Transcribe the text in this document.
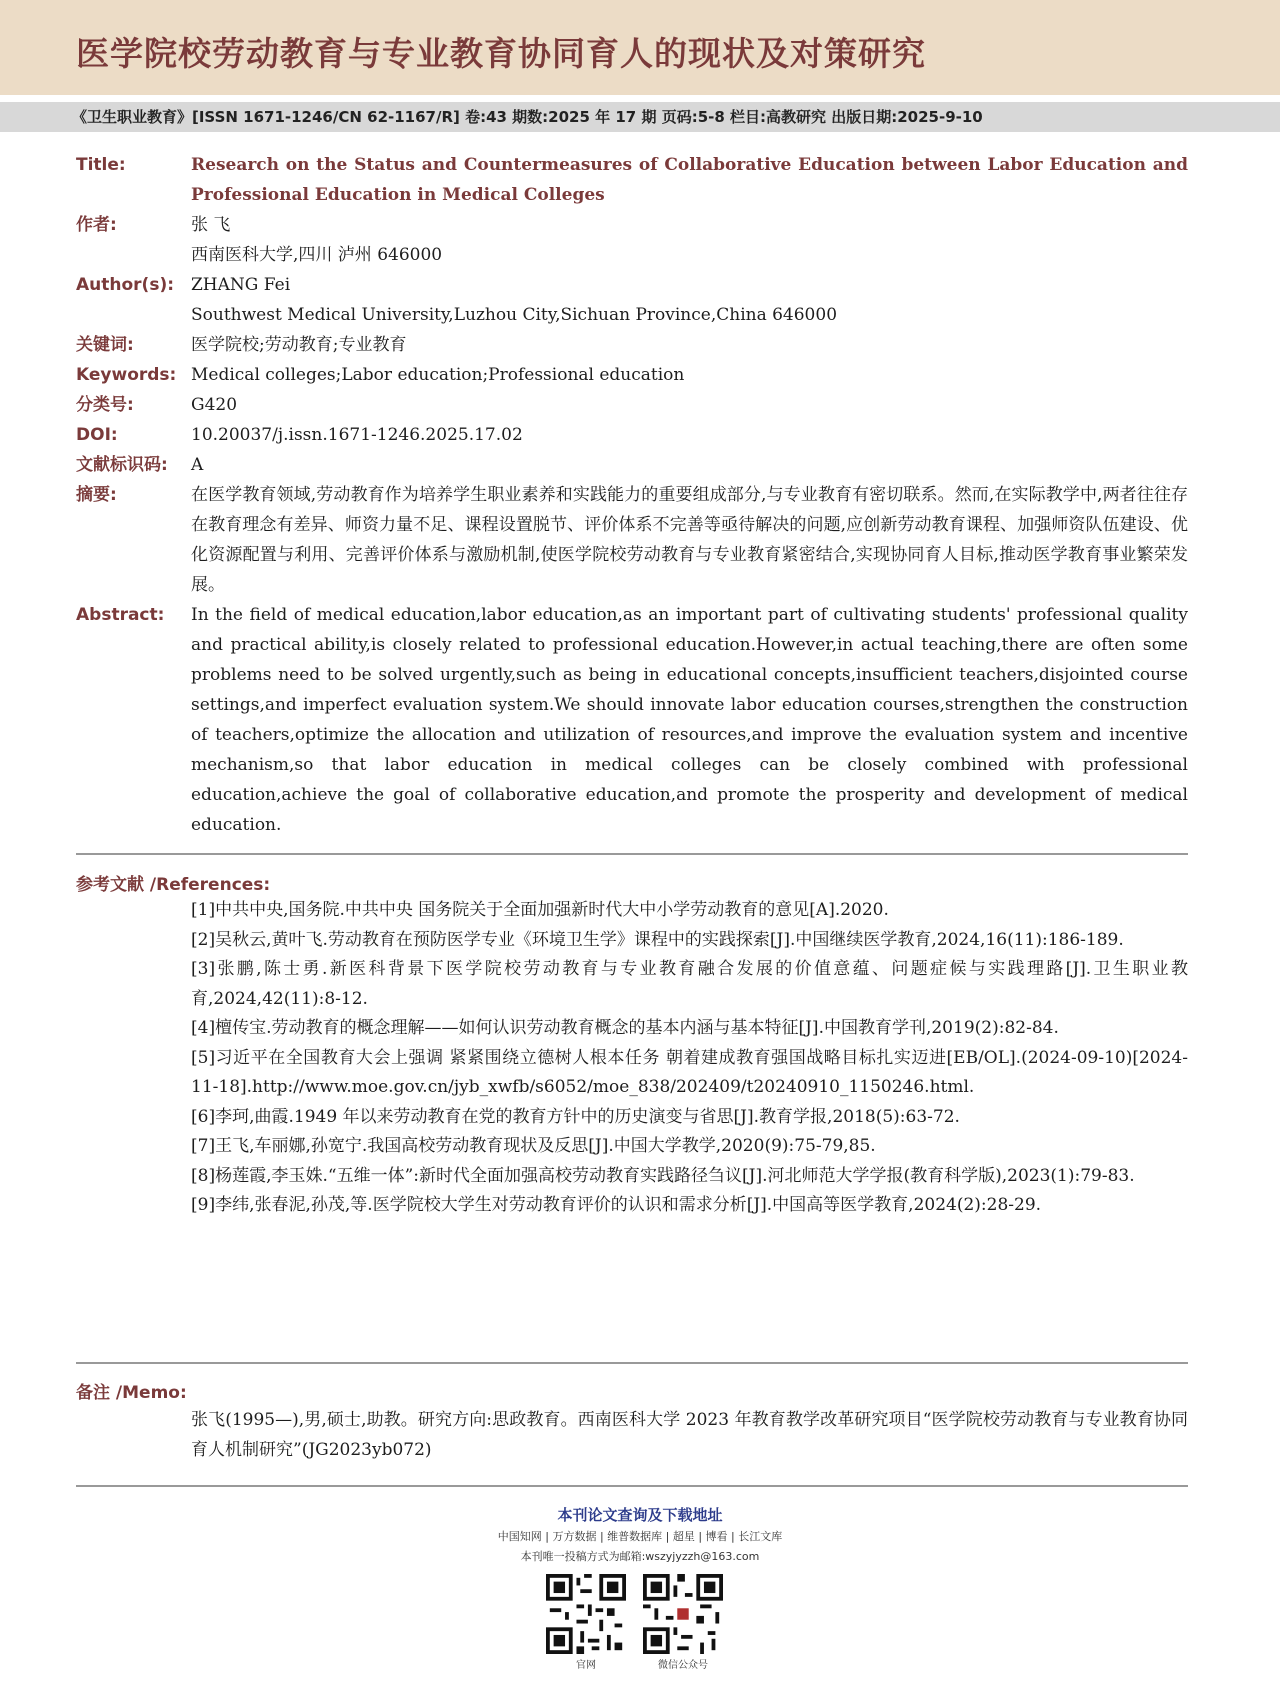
医学院校劳动教育与专业教育协同育人的现状及对策研究
《卫生职业教育》[ISSN 1671-1246/CN 62-1167/R] 卷:43 期数:2025 年 17 期 页码:5-8 栏目:高教研究 出版日期:2025-9-10
Title:	Research on the Status and Countermeasures of Collaborative Education between Labor Education and Professional Education in Medical Colleges
作者:	张 飞
西南医科大学,四川 泸州 646000
Author(s): ZHANG Fei
Southwest Medical University,Luzhou City,Sichuan Province,China 646000
关键词:	医学院校;劳动教育;专业教育
Keywords: Medical colleges;Labor education;Professional education
分类号:	G420
DOI:	10.20037/j.issn.1671-1246.2025.17.02
文献标识码: A
摘要:	在医学教育领域,劳动教育作为培养学生职业素养和实践能力的重要组成部分,与专业教育有密切联系。然而,在实际教学中,两者往往存在教育理念有差异、师资力量不足、课程设置脱节、评价体系不完善等亟待解决的问题,应创新劳动教育课程、加强师资队伍建设、优化资源配置与利用、完善评价体系与激励机制,使医学院校劳动教育与专业教育紧密结合,实现协同育人目标,推动医学教育事业繁荣发展。
Abstract: In the field of medical education,labor education,as an important part of cultivating students' professional quality and practical ability,is closely related to professional education.However,in actual teaching,there are often some problems need to be solved urgently,such as being in educational concepts,insufficient teachers,disjointed course settings,and imperfect evaluation system.We should innovate labor education courses,strengthen the construction of teachers,optimize the allocation and utilization of resources,and improve the evaluation system and incentive mechanism,so that labor education in medical colleges can be closely combined with professional education,achieve the goal of collaborative education,and promote the prosperity and development of medical education.
参考文献 /References:
[1]中共中央,国务院.中共中央 国务院关于全面加强新时代大中小学劳动教育的意见[A].2020.
[2]吴秋云,黄叶飞.劳动教育在预防医学专业《环境卫生学》课程中的实践探索[J].中国继续医学教育,2024,16(11):186-189.
[3]张鹏,陈士勇.新医科背景下医学院校劳动教育与专业教育融合发展的价值意蕴、问题症候与实践理路[J].卫生职业教育,2024,42(11):8-12.
[4]檀传宝.劳动教育的概念理解——如何认识劳动教育概念的基本内涵与基本特征[J].中国教育学刊,2019(2):82-84.
[5]习近平在全国教育大会上强调 紧紧围绕立德树人根本任务 朝着建成教育强国战略目标扎实迈进[EB/OL].(2024-09-10)[2024-11-18].http://www.moe.gov.cn/jyb_xwfb/s6052/moe_838/202409/t20240910_1150246.html.
[6]李珂,曲霞.1949 年以来劳动教育在党的教育方针中的历史演变与省思[J].教育学报,2018(5):63-72.
[7]王飞,车丽娜,孙宽宁.我国高校劳动教育现状及反思[J].中国大学教学,2020(9):75-79,85.
[8]杨莲霞,李玉姝.“五维一体”:新时代全面加强高校劳动教育实践路径刍议[J].河北师范大学学报(教育科学版),2023(1):79-83.
[9]李纬,张春泥,孙茂,等.医学院校大学生对劳动教育评价的认识和需求分析[J].中国高等医学教育,2024(2):28-29.
备注 /Memo:
张飞(1995—),男,硕士,助教。研究方向:思政教育。西南医科大学 2023 年教育教学改革研究项目“医学院校劳动教育与专业教育协同育人机制研究”(JG2023yb072)
本刊论文查询及下载地址
中国知网 | 万方数据 | 维普数据库 | 超星 | 博看 | 长江文库
本刊唯一投稿方式为邮箱:wszyjyzzh@163.com
官网	微信公众号
